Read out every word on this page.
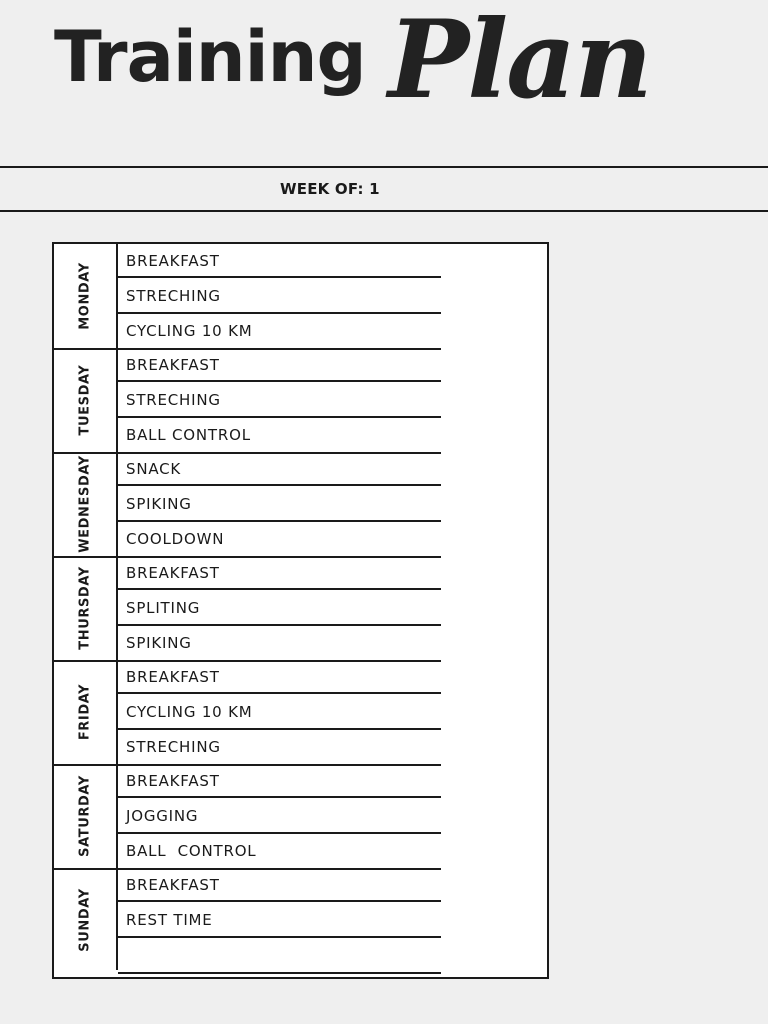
Training Plan
WEEK OF: 1
MONDAY
BREAKFAST
STRECHING
CYCLING 10 KM
TUESDAY BREAKFAST
STRECHING
BALL CONTROL
WEDNESDAY SNACK
SPIKING
COOLDOWN
THURSDAY BREAKFAST
SPLITING
SPIKING
FRIDAY
BREAKFAST
CYCLING 10 KM
STRECHING
SATURDAY BREAKFAST
JOGGING
BALL  CONTROL
SUNDAY
BREAKFAST
REST TIME
